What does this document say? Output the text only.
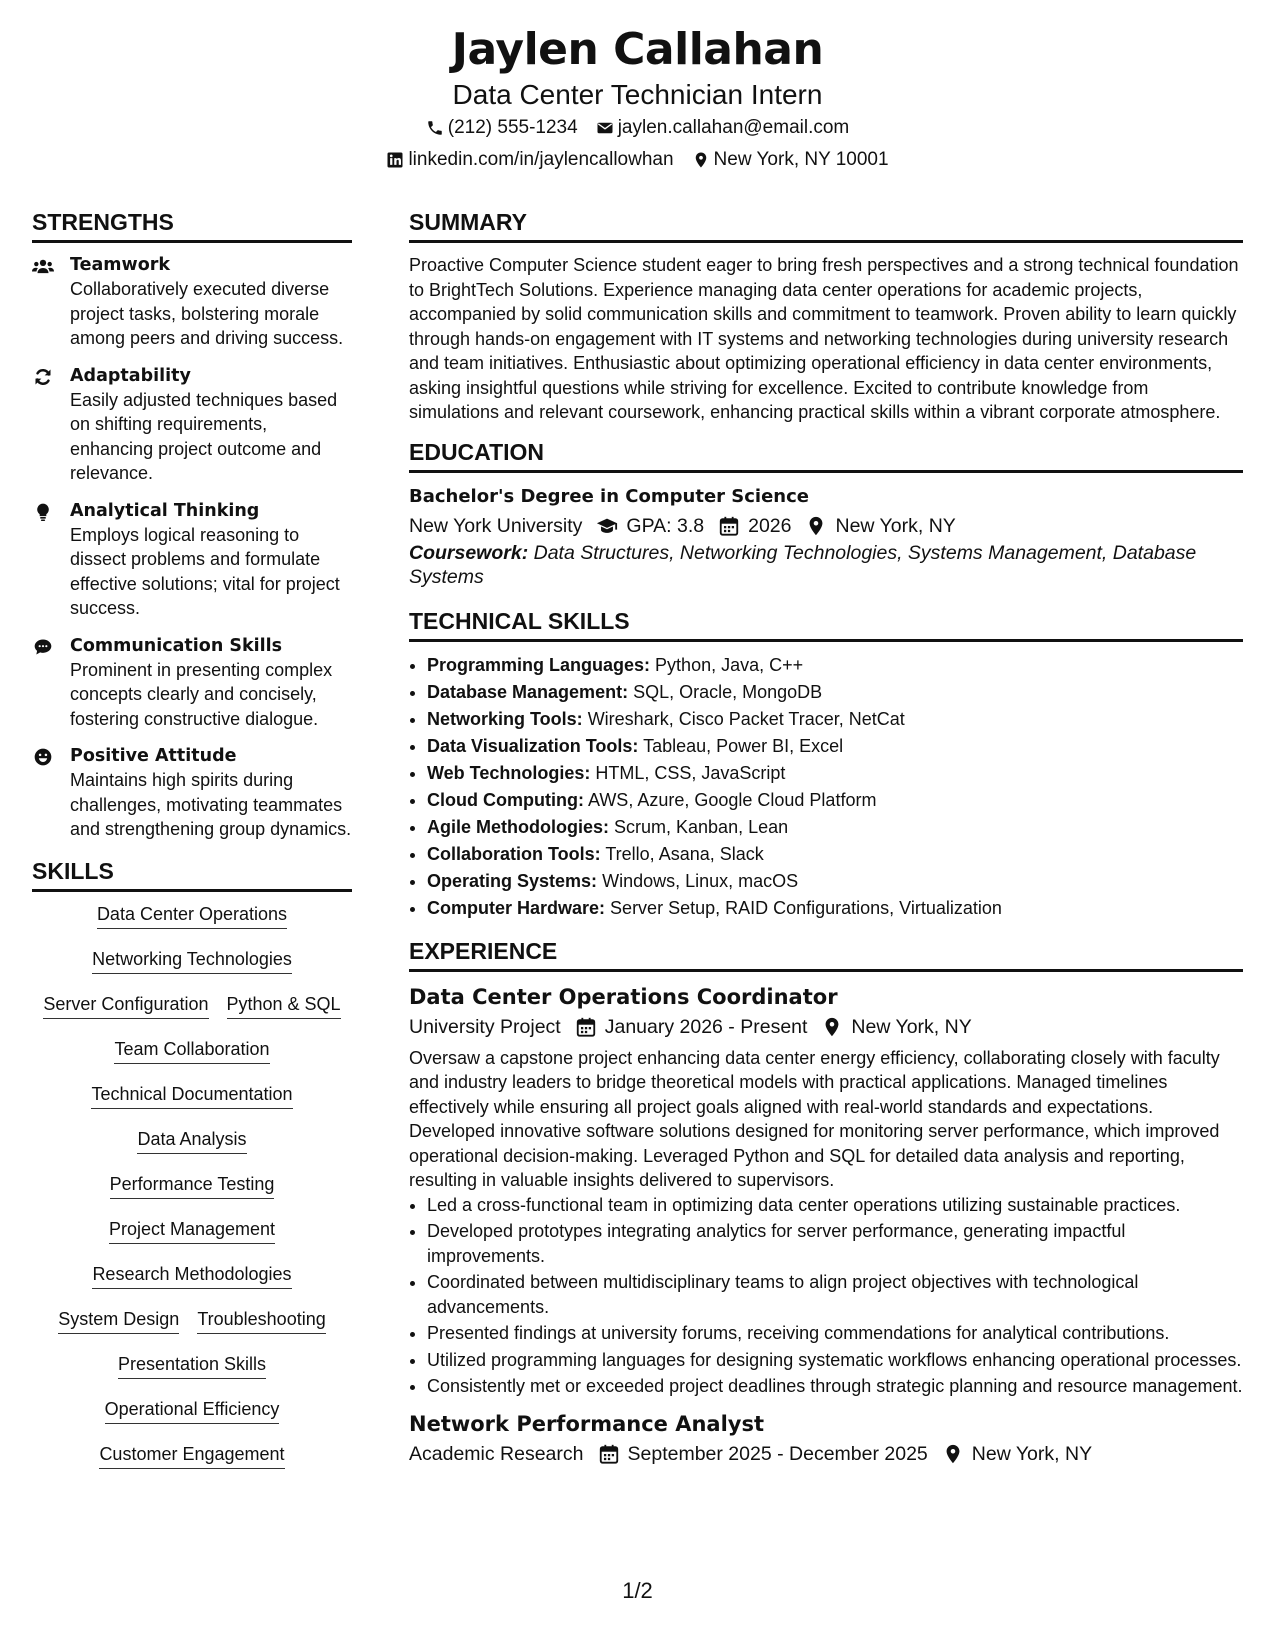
Jaylen Callahan
Data Center Technician Intern
(212) 555-1234 jaylen.callahan@email.com
linkedin.com/in/jaylencallowhan New York, NY 10001
STRENGTHS
Teamwork
Collaboratively executed diverse project tasks, bolstering morale among peers and driving success.
Adaptability
Easily adjusted techniques based on shifting requirements, enhancing project outcome and relevance.
Analytical Thinking
Employs logical reasoning to dissect problems and formulate effective solutions; vital for project success.
Communication Skills
Prominent in presenting complex concepts clearly and concisely, fostering constructive dialogue.
Positive Attitude
Maintains high spirits during challenges, motivating teammates and strengthening group dynamics.
SKILLS
Data Center Operations
Networking Technologies
Server Configuration Python & SQL
Team Collaboration
Technical Documentation
Data Analysis
Performance Testing
Project Management
Research Methodologies
System Design Troubleshooting
Presentation Skills
Operational Efficiency
Customer Engagement
SUMMARY
Proactive Computer Science student eager to bring fresh perspectives and a strong technical foundation to BrightTech Solutions. Experience managing data center operations for academic projects, accompanied by solid communication skills and commitment to teamwork. Proven ability to learn quickly through hands-on engagement with IT systems and networking technologies during university research and team initiatives. Enthusiastic about optimizing operational efficiency in data center environments, asking insightful questions while striving for excellence. Excited to contribute knowledge from simulations and relevant coursework, enhancing practical skills within a vibrant corporate atmosphere.
EDUCATION
Bachelor's Degree in Computer Science
New York University GPA: 3.8 2026 New York, NY
Coursework: Data Structures, Networking Technologies, Systems Management, Database Systems
TECHNICAL SKILLS
• Programming Languages: Python, Java, C++
• Database Management: SQL, Oracle, MongoDB
• Networking Tools: Wireshark, Cisco Packet Tracer, NetCat
• Data Visualization Tools: Tableau, Power BI, Excel
• Web Technologies: HTML, CSS, JavaScript
• Cloud Computing: AWS, Azure, Google Cloud Platform
• Agile Methodologies: Scrum, Kanban, Lean
• Collaboration Tools: Trello, Asana, Slack
• Operating Systems: Windows, Linux, macOS
• Computer Hardware: Server Setup, RAID Configurations, Virtualization
EXPERIENCE
Data Center Operations Coordinator
University Project January 2026 - Present New York, NY
Oversaw a capstone project enhancing data center energy efficiency, collaborating closely with faculty and industry leaders to bridge theoretical models with practical applications. Managed timelines effectively while ensuring all project goals aligned with real-world standards and expectations. Developed innovative software solutions designed for monitoring server performance, which improved operational decision-making. Leveraged Python and SQL for detailed data analysis and reporting, resulting in valuable insights delivered to supervisors.
• Led a cross-functional team in optimizing data center operations utilizing sustainable practices.
• Developed prototypes integrating analytics for server performance, generating impactful improvements.
• Coordinated between multidisciplinary teams to align project objectives with technological advancements.
• Presented findings at university forums, receiving commendations for analytical contributions.
• Utilized programming languages for designing systematic workflows enhancing operational processes.
• Consistently met or exceeded project deadlines through strategic planning and resource management.
Network Performance Analyst
Academic Research September 2025 - December 2025 New York, NY
1/2
